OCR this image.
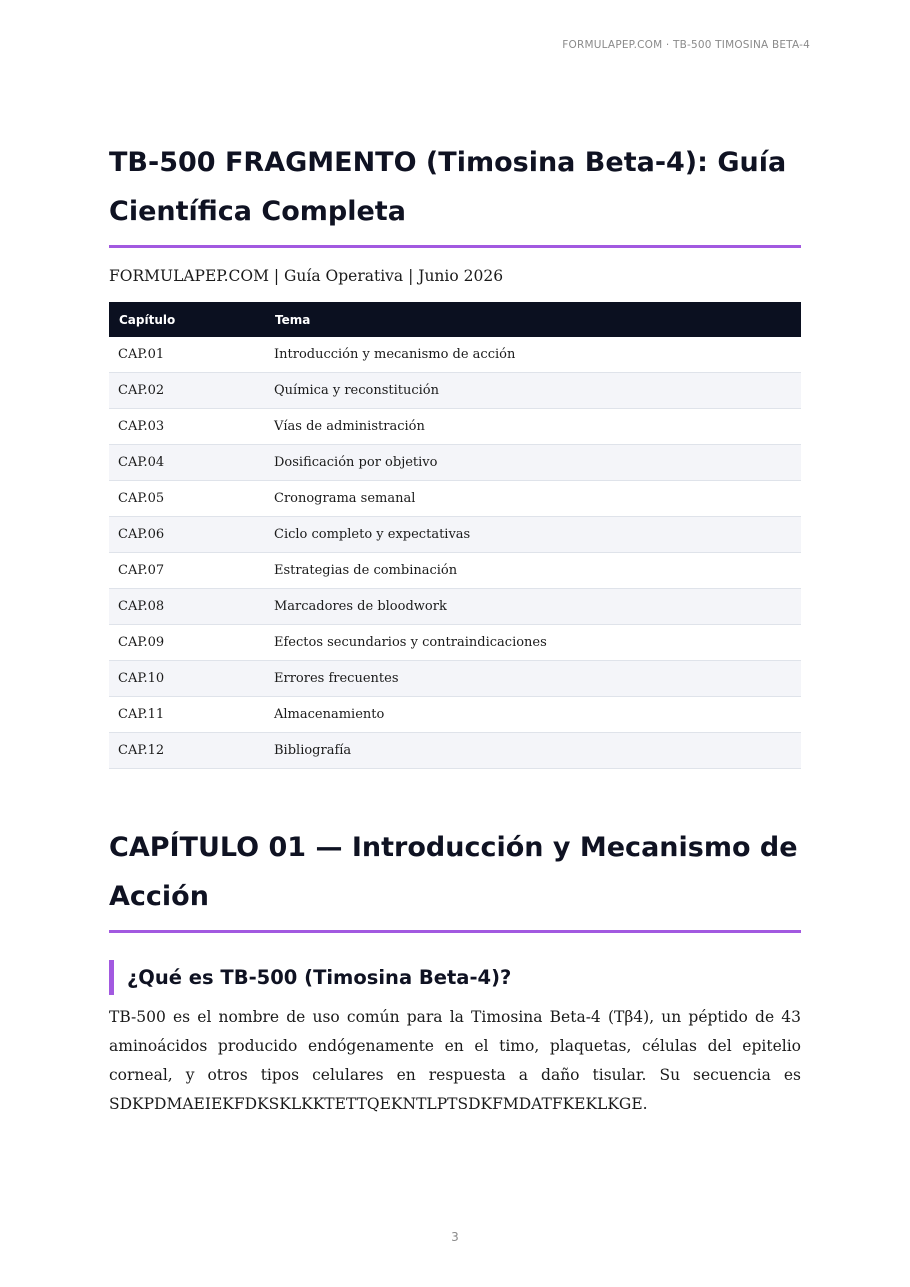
FORMULAPEP.COM · TB-500 TIMOSINA BETA-4
TB-500 FRAGMENTO (Timosina Beta-4): Guía Científica Completa
FORMULAPEP.COM | Guía Operativa | Junio 2026
Capítulo	Tema
CAP.01	Introducción y mecanismo de acción
CAP.02	Química y reconstitución
CAP.03	Vías de administración
CAP.04	Dosificación por objetivo
CAP.05	Cronograma semanal
CAP.06	Ciclo completo y expectativas
CAP.07	Estrategias de combinación
CAP.08	Marcadores de bloodwork
CAP.09	Efectos secundarios y contraindicaciones
CAP.10	Errores frecuentes
CAP.11	Almacenamiento
CAP.12	Bibliografía
CAPÍTULO 01 — Introducción y Mecanismo de Acción
¿Qué es TB-500 (Timosina Beta-4)?

TB-500 es el nombre de uso común para la Timosina Beta-4 (Tβ4), un péptido de 43 aminoácidos producido endógenamente en el timo, plaquetas, células del epitelio corneal, y otros tipos celulares en respuesta a daño tisular. Su secuencia es SDKPDMAEIEKFDKSKLKKTETTQEKNTLPTSDKFMDATFKEKLKGE.

3
